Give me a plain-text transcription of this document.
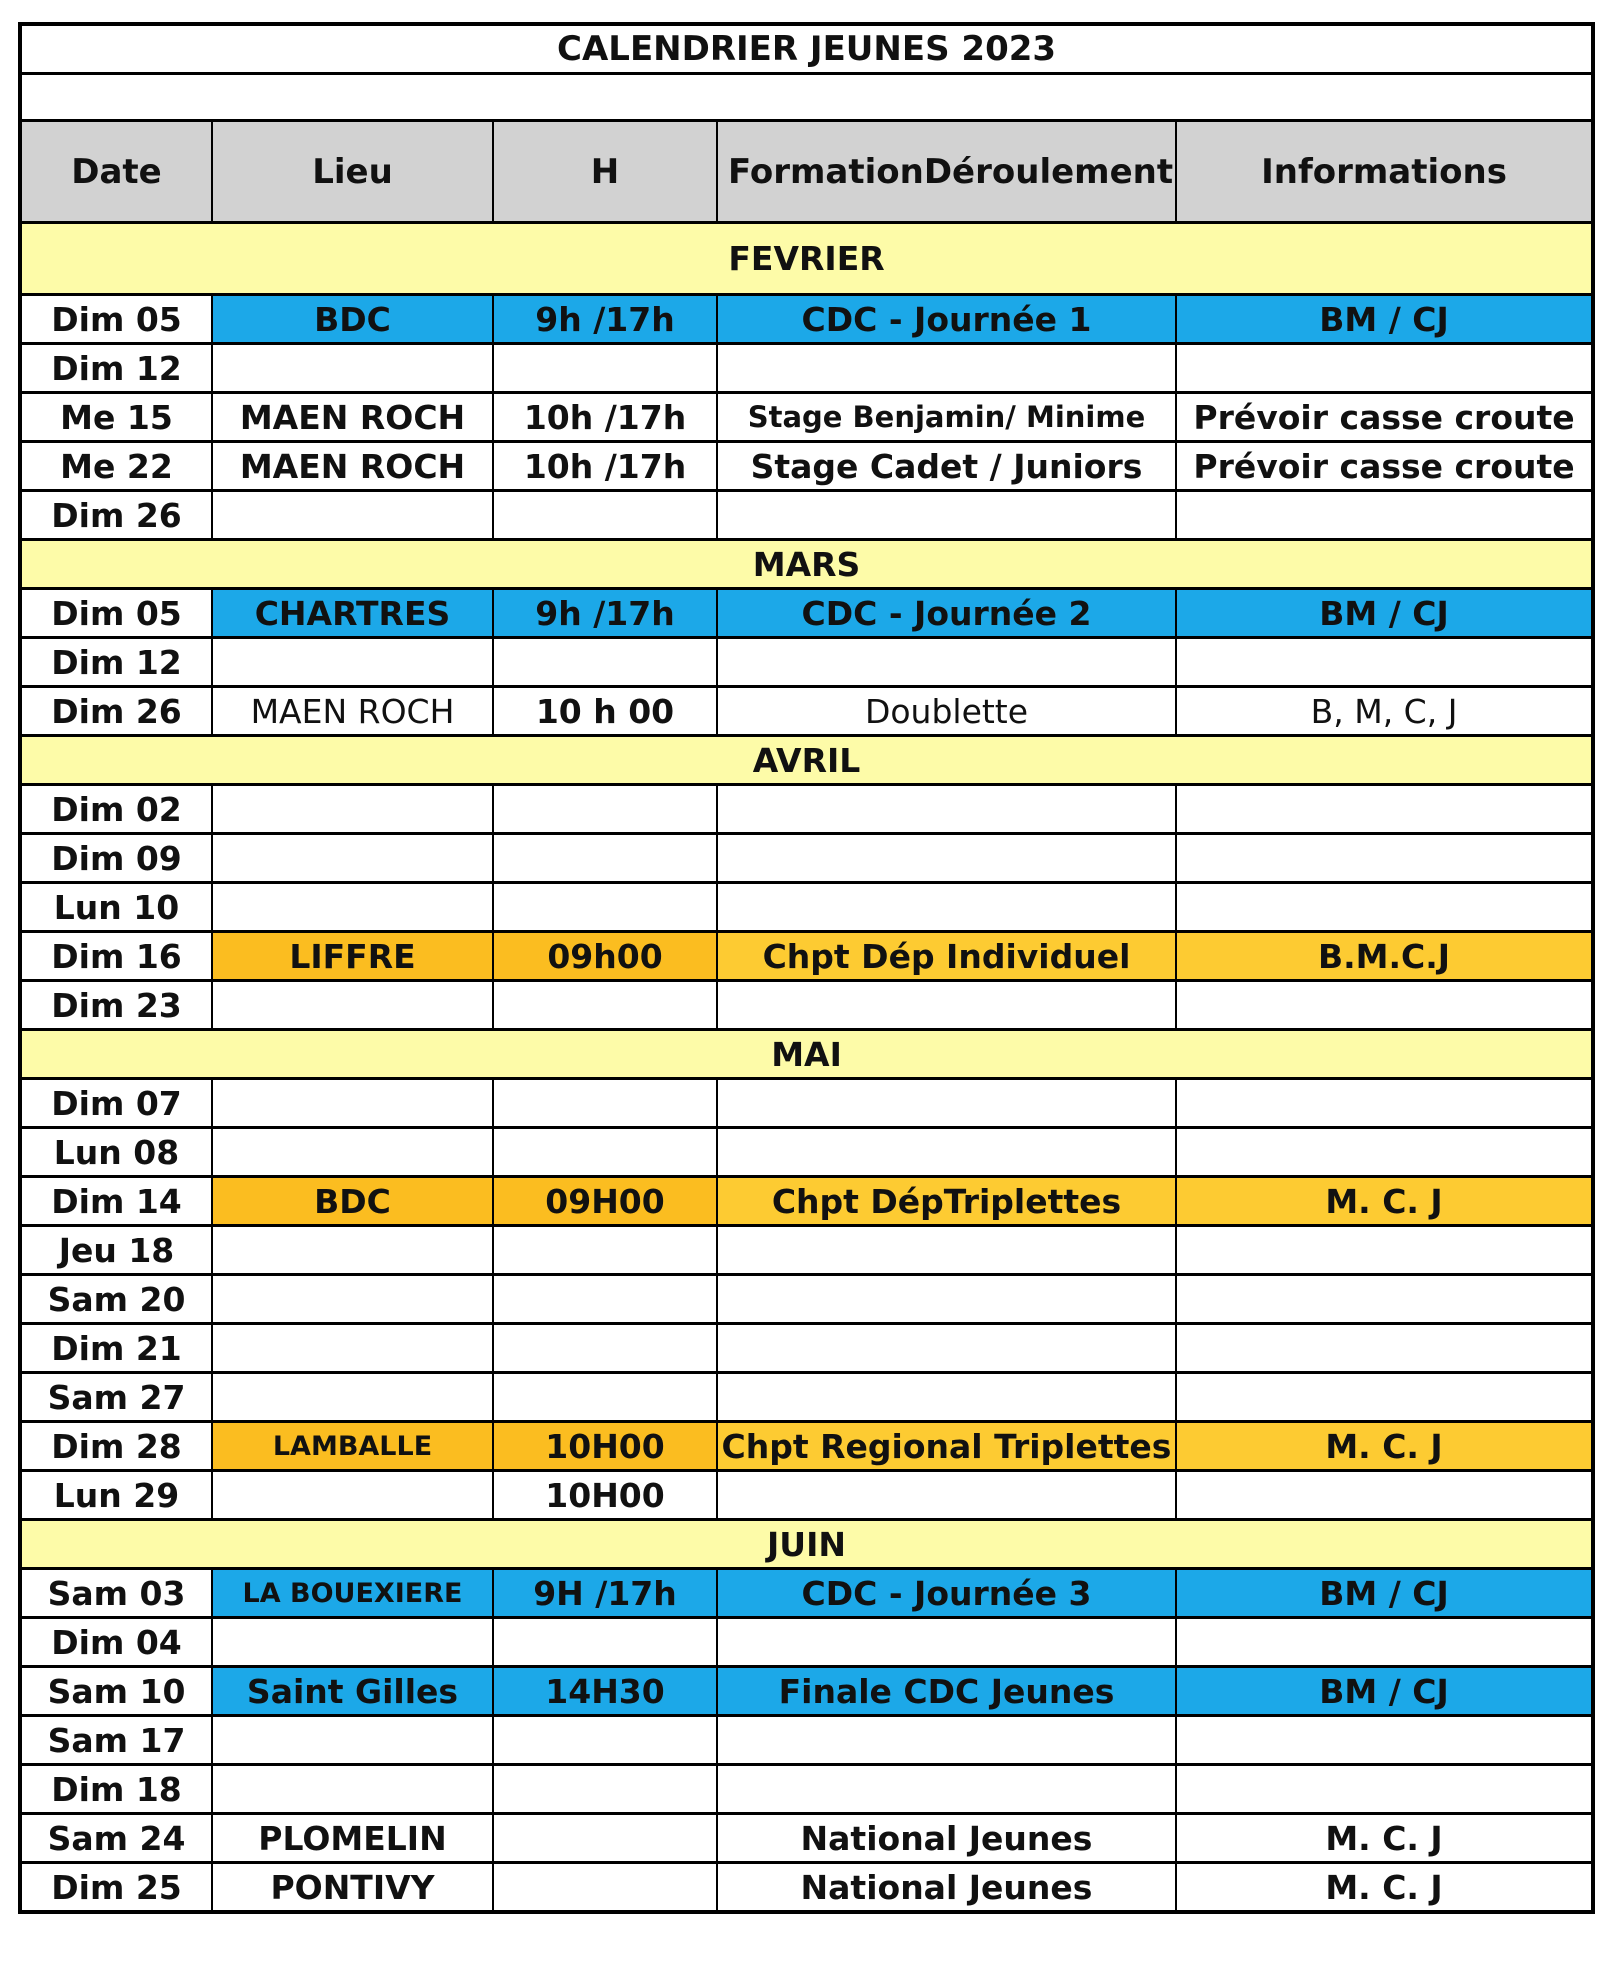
CALENDRIER JEUNES 2023				

Date	Lieu	H	Formation Déroulement	Informations
FEVRIER				
Dim 05	BDC	9h /17h	CDC - Journée 1	BM / CJ
Dim 12				
Me 15	MAEN ROCH	10h /17h	Stage Benjamin/ Minime	Prévoir casse croute
Me 22	MAEN ROCH	10h /17h	Stage Cadet / Juniors	Prévoir casse croute
Dim 26				
MARS				
Dim 05	CHARTRES	9h /17h	CDC - Journée 2	BM / CJ
Dim 12				
Dim 26	MAEN ROCH	10 h 00	Doublette	B, M, C, J
AVRIL				
Dim 02				
Dim 09				
Lun 10				
Dim 16	LIFFRE	09h00	Chpt Dép Individuel	B.M.C.J
Dim 23				
MAI				
Dim 07				
Lun 08				
Dim 14	BDC	09H00	Chpt DépTriplettes	M. C. J
Jeu 18				
Sam 20				
Dim 21				
Sam 27				
Dim 28	LAMBALLE	10H00	Chpt Regional Triplettes	M. C. J
Lun 29		10H00		
JUIN				
Sam 03	LA BOUEXIERE	9H /17h	CDC - Journée 3	BM / CJ
Dim 04				
Sam 10	Saint Gilles	14H30	Finale CDC Jeunes	BM / CJ
Sam 17				
Dim 18				
Sam 24	PLOMELIN		National Jeunes	M. C. J
Dim 25	PONTIVY		National Jeunes	M. C. J
